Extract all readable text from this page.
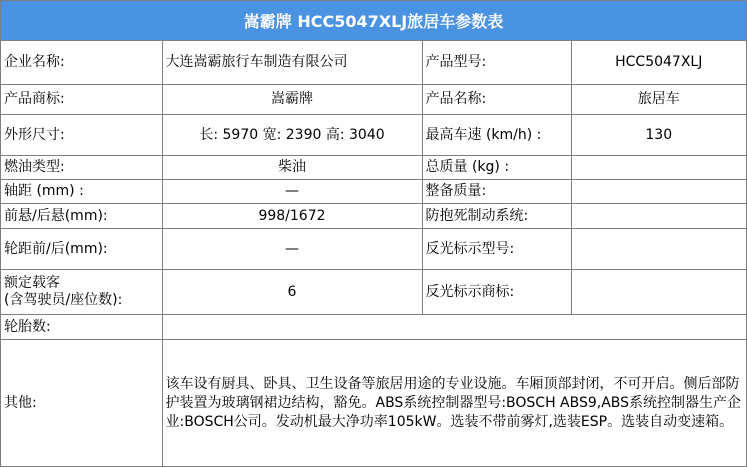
嵩霸牌 HCC5047XLJ旅居车参数表
企业名称:	大连嵩霸旅行车制造有限公司	产品型号:	HCC5047XLJ
产品商标:	嵩霸牌	产品名称:	旅居车
外形尺寸:	长: 5970 宽: 2390 高: 3040	最高车速 (km/h) :	130
燃油类型:	柴油	总质量 (kg) :	
轴距 (mm) :	—	整备质量:	
前悬/后悬(mm):	998/1672	防抱死制动系统:	
轮距前/后(mm):	—	反光标示型号:	

额定载客
(含驾驶员/座位数):	6	反光标示商标:	
轮胎数:			
其他:	该车设有厨具、卧具、卫生设备等旅居用途的专业设施。车厢顶部封闭，不可开启。侧后部防护装置为玻璃钢裙边结构，豁免。ABS系统控制器型号:BOSCH ABS9,ABS系统控制器生产企业:BOSCH公司。发动机最大净功率105kW。选装不带前雾灯,选装ESP。选装自动变速箱。		
